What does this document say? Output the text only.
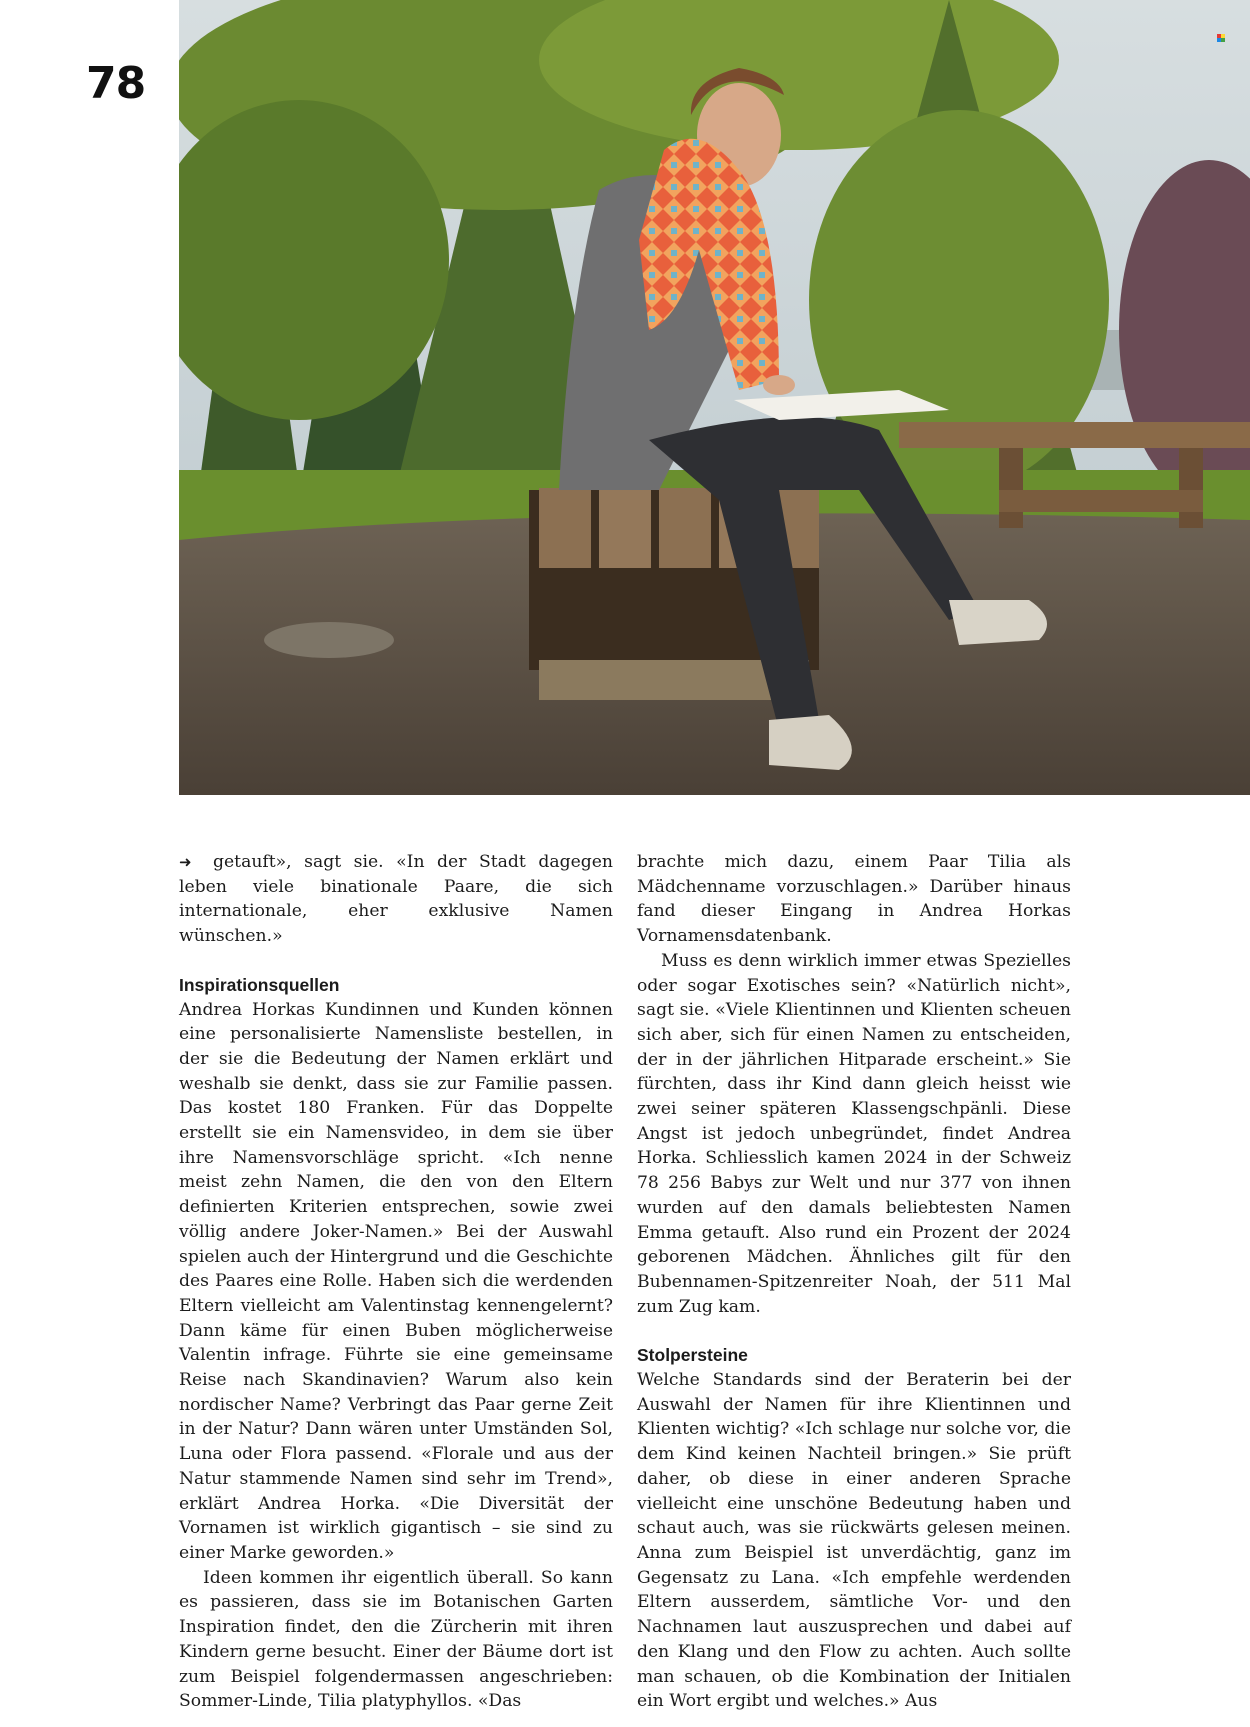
78

➜ getauft», sagt sie. «In der Stadt dagegen leben viele binationale Paare, die sich internationale, eher exklusive Namen wünschen.»

Inspirationsquellen

Andrea Horkas Kundinnen und Kunden können eine personalisierte Namensliste bestellen, in der sie die Bedeutung der Namen erklärt und weshalb sie denkt, dass sie zur Familie passen. Das kostet 180 Franken. Für das Doppelte erstellt sie ein Namensvideo, in dem sie über ihre Namensvorschläge spricht. «Ich nenne meist zehn Namen, die den von den Eltern definierten Kriterien entsprechen, sowie zwei völlig andere Joker-Namen.» Bei der Auswahl spielen auch der Hintergrund und die Geschichte des Paares eine Rolle. Haben sich die werdenden Eltern vielleicht am Valentinstag kennengelernt? Dann käme für einen Buben möglicherweise Valentin infrage. Führte sie eine gemeinsame Reise nach Skandinavien? Warum also kein nordischer Name? Verbringt das Paar gerne Zeit in der Natur? Dann wären unter Umständen Sol, Luna oder Flora passend. «Florale und aus der Natur stammende Namen sind sehr im Trend», erklärt Andrea Horka. «Die Diversität der Vornamen ist wirklich gigantisch – sie sind zu einer Marke geworden.»

Ideen kommen ihr eigentlich überall. So kann es passieren, dass sie im Botanischen Garten Inspiration findet, den die Zürcherin mit ihren Kindern gerne besucht. Einer der Bäume dort ist zum Beispiel folgendermassen angeschrieben: Sommer-Linde, Tilia platyphyllos. «Das

brachte mich dazu, einem Paar Tilia als Mädchenname vorzuschlagen.» Darüber hinaus fand dieser Eingang in Andrea Horkas Vornamensdatenbank.

Muss es denn wirklich immer etwas Spezielles oder sogar Exotisches sein? «Natürlich nicht», sagt sie. «Viele Klientinnen und Klienten scheuen sich aber, sich für einen Namen zu entscheiden, der in der jährlichen Hitparade erscheint.» Sie fürchten, dass ihr Kind dann gleich heisst wie zwei seiner späteren Klassengschpänli. Diese Angst ist jedoch unbegründet, findet Andrea Horka. Schliesslich kamen 2024 in der Schweiz 78 256 Babys zur Welt und nur 377 von ihnen wurden auf den damals beliebtesten Namen Emma getauft. Also rund ein Prozent der 2024 geborenen Mädchen. Ähnliches gilt für den Bubennamen-Spitzenreiter Noah, der 511 Mal zum Zug kam.

Stolpersteine

Welche Standards sind der Beraterin bei der Auswahl der Namen für ihre Klientinnen und Klienten wichtig? «Ich schlage nur solche vor, die dem Kind keinen Nachteil bringen.» Sie prüft daher, ob diese in einer anderen Sprache vielleicht eine unschöne Bedeutung haben und schaut auch, was sie rückwärts gelesen meinen. Anna zum Beispiel ist unverdächtig, ganz im Gegensatz zu Lana. «Ich empfehle werdenden Eltern ausserdem, sämtliche Vor- und den Nachnamen laut auszusprechen und dabei auf den Klang und den Flow zu achten. Auch sollte man schauen, ob die Kombination der Initialen ein Wort ergibt und welches.» Aus
